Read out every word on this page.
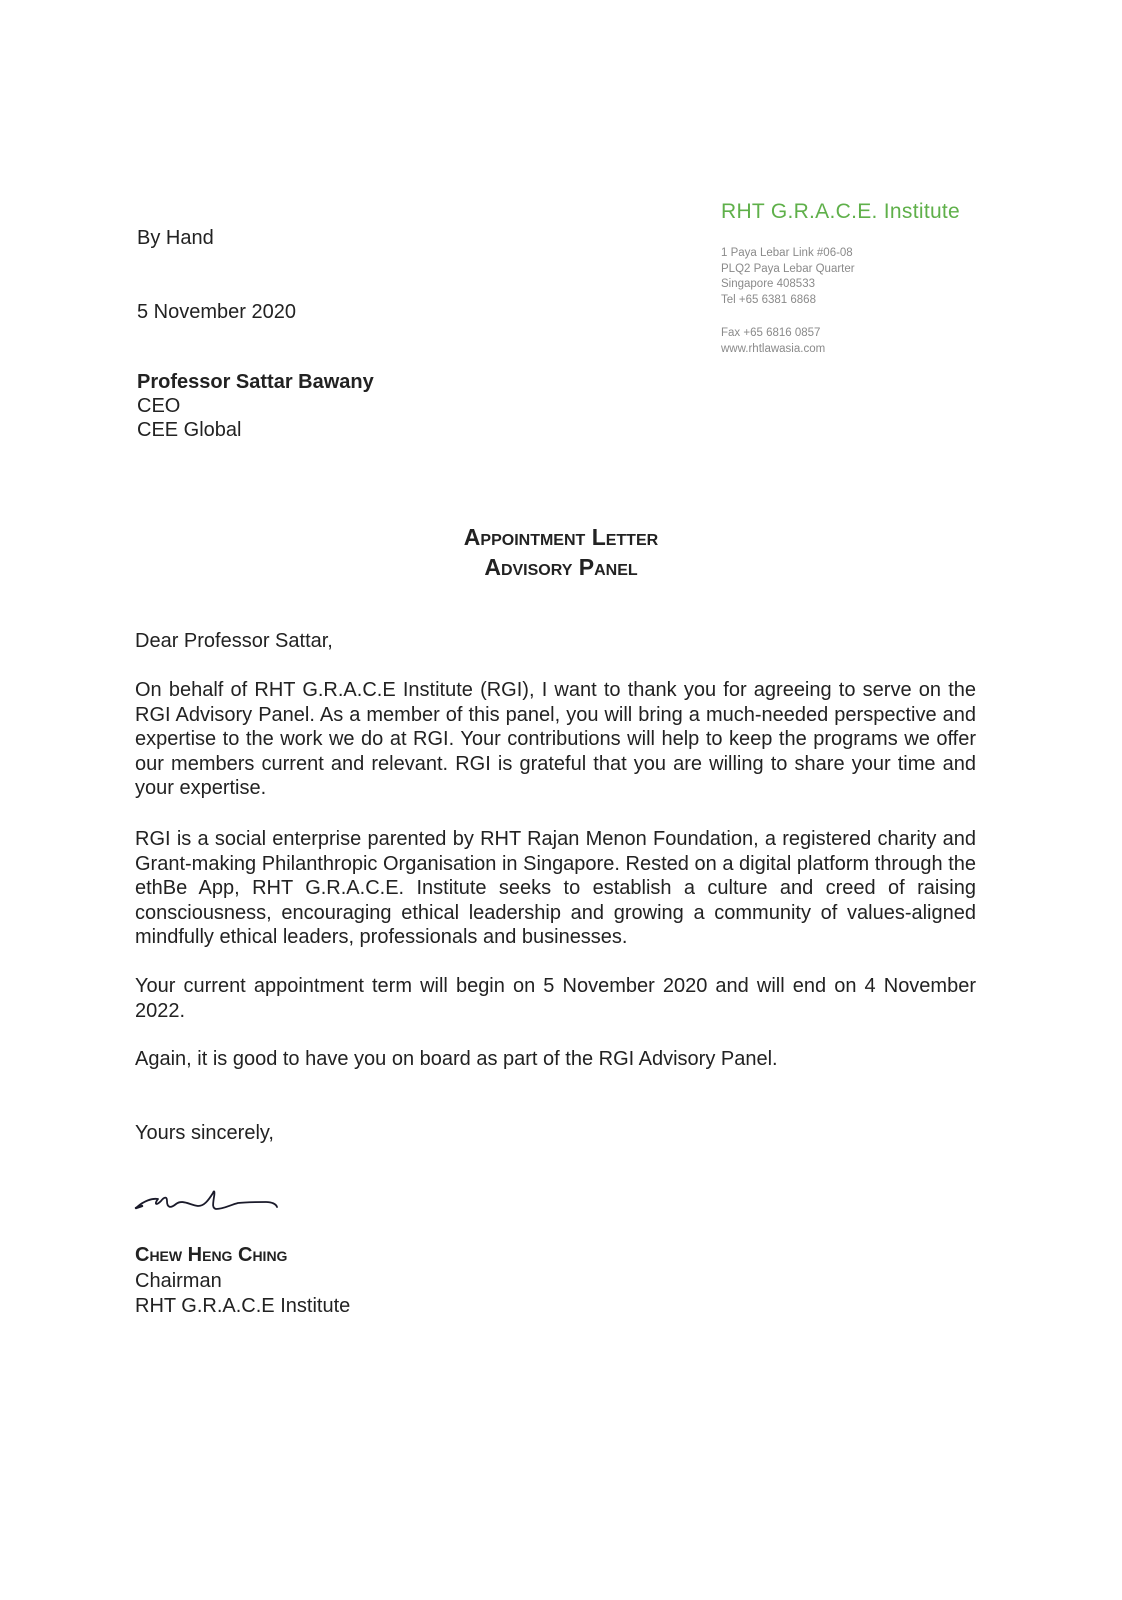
RHT G.R.A.C.E. Institute
1 Paya Lebar Link #06-08
PLQ2 Paya Lebar Quarter
Singapore 408533
Tel +65 6381 6868
Fax +65 6816 0857
www.rhtlawasia.com
By Hand
5 November 2020
Professor Sattar Bawany
CEO
CEE Global
Appointment Letter
Advisory Panel
Dear Professor Sattar,
On behalf of RHT G.R.A.C.E Institute (RGI), I want to thank you for agreeing to serve on the RGI Advisory Panel. As a member of this panel, you will bring a much-needed perspective and expertise to the work we do at RGI. Your contributions will help to keep the programs we offer our members current and relevant. RGI is grateful that you are willing to share your time and your expertise.
RGI is a social enterprise parented by RHT Rajan Menon Foundation, a registered charity and Grant-making Philanthropic Organisation in Singapore. Rested on a digital platform through the ethBe App, RHT G.R.A.C.E. Institute seeks to establish a culture and creed of raising consciousness, encouraging ethical leadership and growing a community of values-aligned mindfully ethical leaders, professionals and businesses.
Your current appointment term will begin on 5 November 2020 and will end on 4 November 2022.
Again, it is good to have you on board as part of the RGI Advisory Panel.
Yours sincerely,
Chew Heng Ching
Chairman
RHT G.R.A.C.E Institute
